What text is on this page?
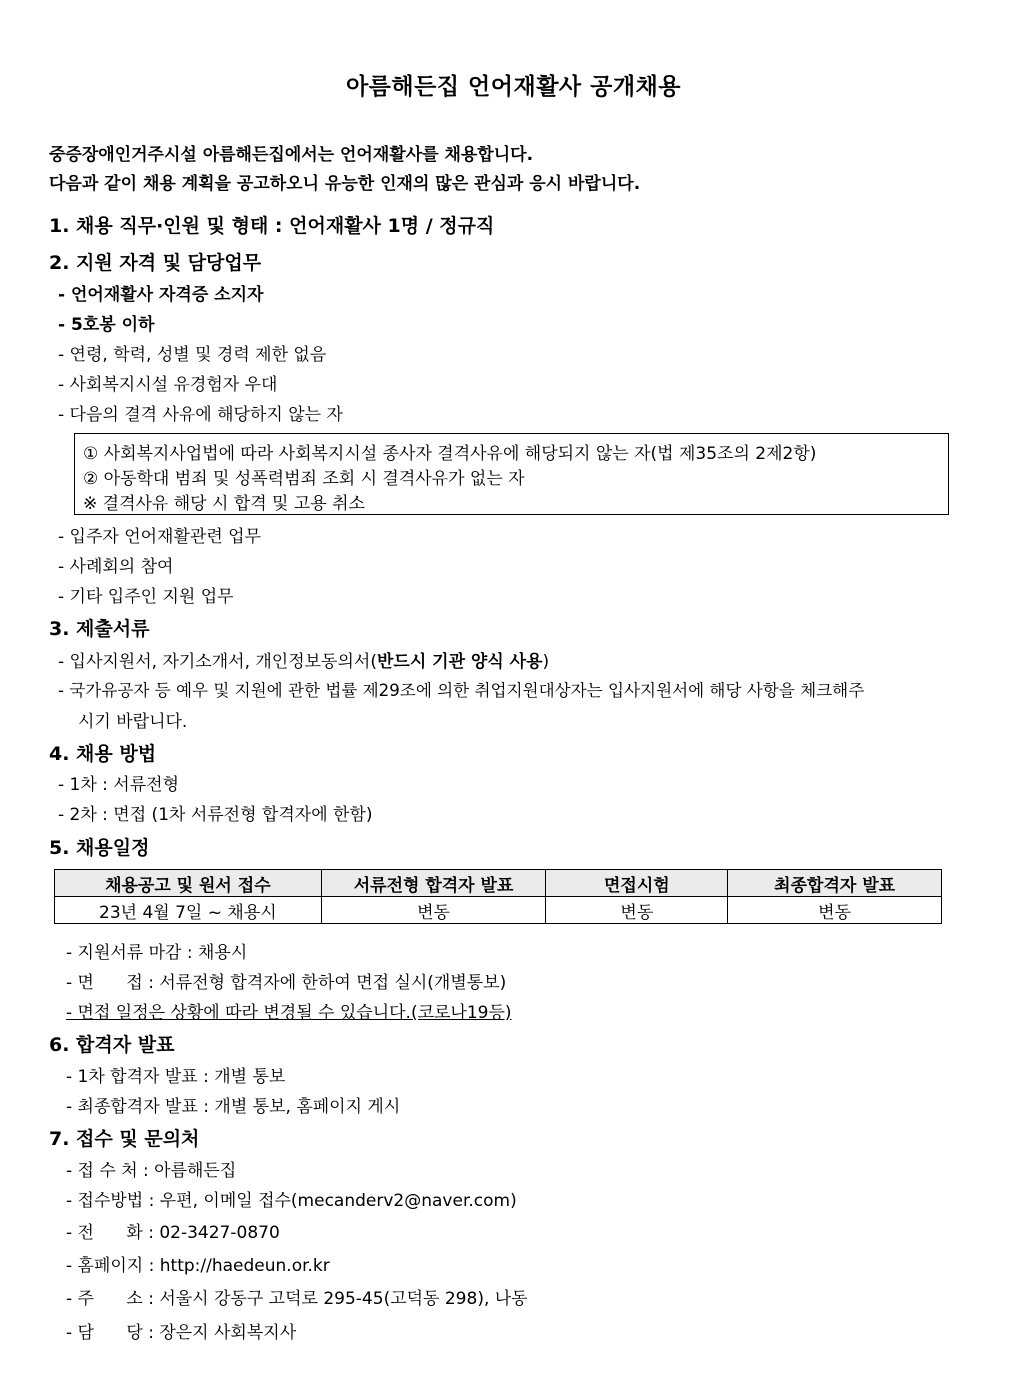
아름해든집 언어재활사 공개채용
중증장애인거주시설 아름해든집에서는 언어재활사를 채용합니다.
다음과 같이 채용 계획을 공고하오니 유능한 인재의 많은 관심과 응시 바랍니다.
1. 채용 직무·인원 및 형태 : 언어재활사 1명 / 정규직
2. 지원 자격 및 담당업무
- 언어재활사 자격증 소지자
- 5호봉 이하
- 연령, 학력, 성별 및 경력 제한 없음
- 사회복지시설 유경험자 우대
- 다음의 결격 사유에 해당하지 않는 자
① 사회복지사업법에 따라 사회복지시설 종사자 결격사유에 해당되지 않는 자(법 제35조의 2제2항)
② 아동학대 범죄 및 성폭력범죄 조회 시 결격사유가 없는 자
※ 결격사유 해당 시 합격 및 고용 취소
- 입주자 언어재활관련 업무
- 사례회의 참여
- 기타 입주인 지원 업무
3. 제출서류
- 입사지원서, 자기소개서, 개인정보동의서(반드시 기관 양식 사용)
- 국가유공자 등 예우 및 지원에 관한 법률 제29조에 의한 취업지원대상자는 입사지원서에 해당 사항을 체크해주
시기 바랍니다.
4. 채용 방법
- 1차 : 서류전형
- 2차 : 면접 (1차 서류전형 합격자에 한함)
5. 채용일정
채용공고 및 원서 접수	서류전형 합격자 발표	면접시험	최종합격자 발표
23년 4월 7일 ~ 채용시	변동	변동	변동
- 지원서류 마감 : 채용시
- 면      접 : 서류전형 합격자에 한하여 면접 실시(개별통보)
- 면접 일정은 상황에 따라 변경될 수 있습니다.(코로나19등)
6. 합격자 발표
- 1차 합격자 발표 : 개별 통보
- 최종합격자 발표 : 개별 통보, 홈페이지 게시
7. 접수 및 문의처
- 접 수 처 : 아름해든집
- 접수방법 : 우편, 이메일 접수(mecanderv2@naver.com)
- 전      화 : 02-3427-0870
- 홈페이지 : http://haedeun.or.kr
- 주      소 : 서울시 강동구 고덕로 295-45(고덕동 298), 나동
- 담      당 : 장은지 사회복지사
